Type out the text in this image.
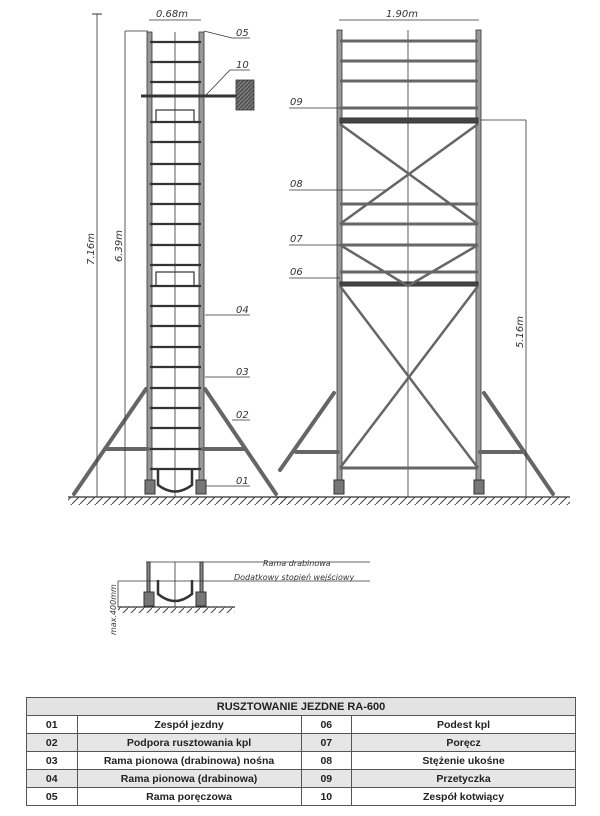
0.68m
7.16m 6.39m
05
10
04
03
02
01
1.90m
5.16m
09
08
07
06
Rama drabinowa
Dodatkowy stopień wejściowy
max.400mm
RUSZTOWANIE JEZDNE RA-600			
01	Zespół jezdny	06	Podest kpl
02	Podpora rusztowania kpl	07	Poręcz
03	Rama pionowa (drabinowa) nośna	08	Stężenie ukośne
04	Rama pionowa (drabinowa)	09	Przetyczka
05	Rama poręczowa	10	Zespół kotwiący
